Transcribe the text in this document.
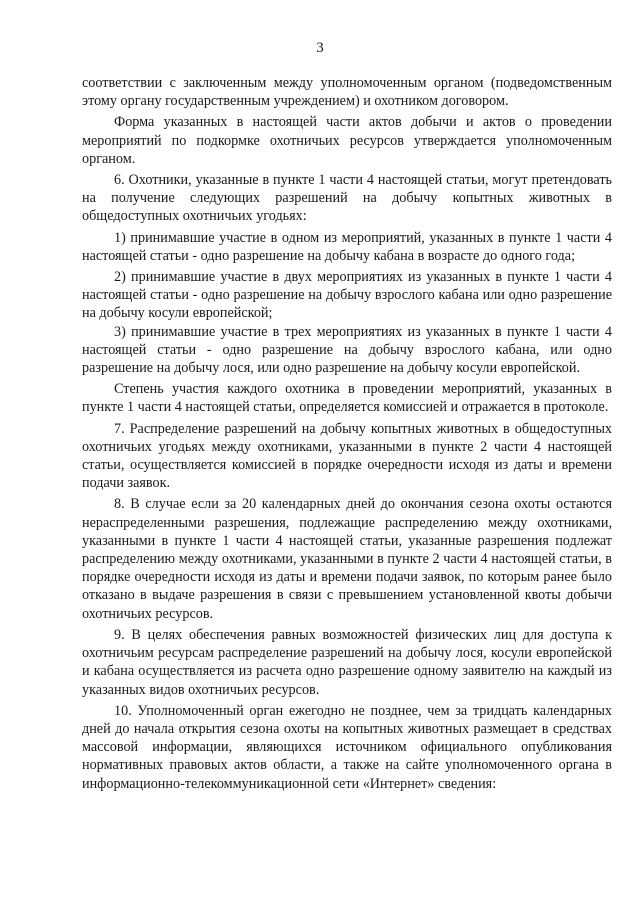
3

соответствии с заключенным между уполномоченным органом (подведомственным этому органу государственным учреждением) и охотником договором.

Форма указанных в настоящей части актов добычи и актов о проведении мероприятий по подкормке охотничьих ресурсов утверждается уполномоченным органом.

6. Охотники, указанные в пункте 1 части 4 настоящей статьи, могут претендовать на получение следующих разрешений на добычу копытных животных в общедоступных охотничьих угодьях:

1) принимавшие участие в одном из мероприятий, указанных в пункте 1 части 4 настоящей статьи - одно разрешение на добычу кабана в возрасте до одного года;

2) принимавшие участие в двух мероприятиях из указанных в пункте 1 части 4 настоящей статьи - одно разрешение на добычу взрослого кабана или одно разрешение на добычу косули европейской;

3) принимавшие участие в трех мероприятиях из указанных в пункте 1 части 4 настоящей статьи - одно разрешение на добычу взрослого кабана, или одно разрешение на добычу лося, или одно разрешение на добычу косули европейской.

Степень участия каждого охотника в проведении мероприятий, указанных в пункте 1 части 4 настоящей статьи, определяется комиссией и отражается в протоколе.

7. Распределение разрешений на добычу копытных животных в общедоступных охотничьих угодьях между охотниками, указанными в пункте 2 части 4 настоящей статьи, осуществляется комиссией в порядке очередности исходя из даты и времени подачи заявок.

8. В случае если за 20 календарных дней до окончания сезона охоты остаются нераспределенными разрешения, подлежащие распределению между охотниками, указанными в пункте 1 части 4 настоящей статьи, указанные разрешения подлежат распределению между охотниками, указанными в пункте 2 части 4 настоящей статьи, в порядке очередности исходя из даты и времени подачи заявок, по которым ранее было отказано в выдаче разрешения в связи с превышением установленной квоты добычи охотничьих ресурсов.

9. В целях обеспечения равных возможностей физических лиц для доступа к охотничьим ресурсам распределение разрешений на добычу лося, косули европейской и кабана осуществляется из расчета одно разрешение одному заявителю на каждый из указанных видов охотничьих ресурсов.

10. Уполномоченный орган ежегодно не позднее, чем за тридцать календарных дней до начала открытия сезона охоты на копытных животных размещает в средствах массовой информации, являющихся источником официального опубликования нормативных правовых актов области, а также на сайте уполномоченного органа в информационно-телекоммуникационной сети «Интернет» сведения:
